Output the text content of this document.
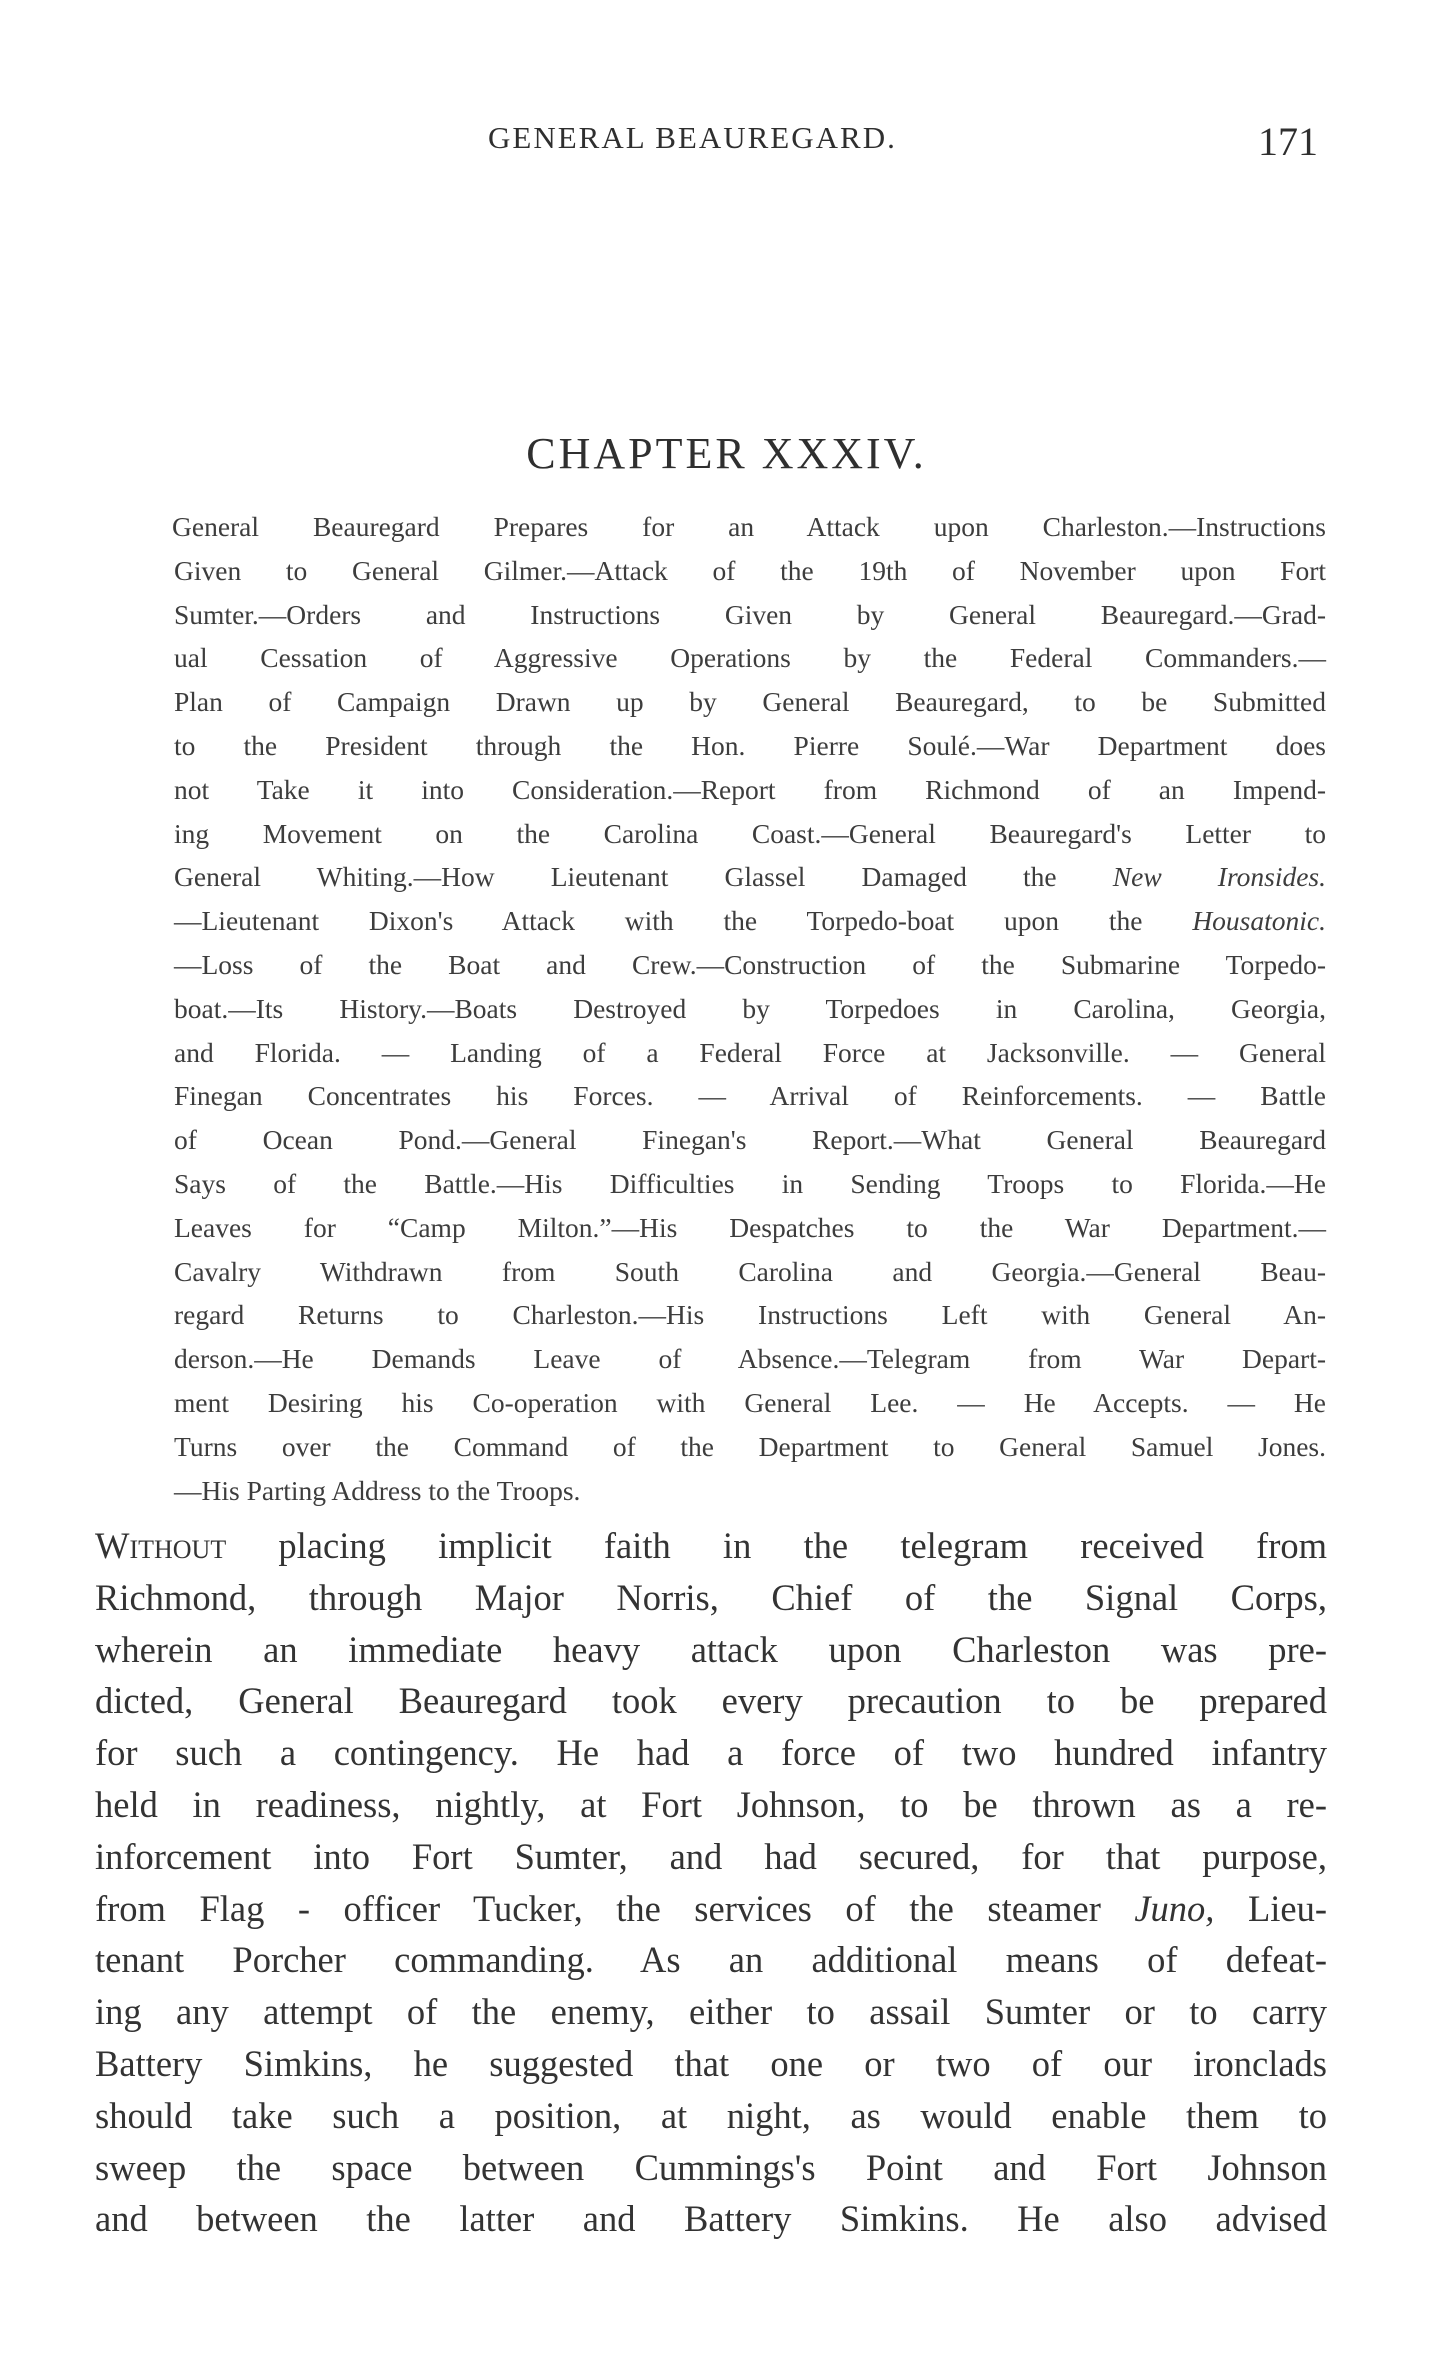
GENERAL BEAUREGARD.	171
CHAPTER XXXIV.
General Beauregard Prepares for an Attack upon Charleston.—Instructions
Given to General Gilmer.—Attack of the 19th of November upon Fort
Sumter.—Orders and Instructions Given by General Beauregard.—Grad-
ual Cessation of Aggressive Operations by the Federal Commanders.—
Plan of Campaign Drawn up by General Beauregard, to be Submitted
to the President through the Hon. Pierre Soulé.—War Department does
not Take it into Consideration.—Report from Richmond of an Impend-
ing Movement on the Carolina Coast.—General Beauregard's Letter to
General Whiting.—How Lieutenant Glassel Damaged the New Ironsides.
—Lieutenant Dixon's Attack with the Torpedo-boat upon the Housatonic.
—Loss of the Boat and Crew.—Construction of the Submarine Torpedo-
boat.—Its History.—Boats Destroyed by Torpedoes in Carolina, Georgia,
and Florida. — Landing of a Federal Force at Jacksonville. — General
Finegan Concentrates his Forces. — Arrival of Reinforcements. — Battle
of Ocean Pond.—General Finegan's Report.—What General Beauregard
Says of the Battle.—His Difficulties in Sending Troops to Florida.—He
Leaves for “Camp Milton.”—His Despatches to the War Department.—
Cavalry Withdrawn from South Carolina and Georgia.—General Beau-
regard Returns to Charleston.—His Instructions Left with General An-
derson.—He Demands Leave of Absence.—Telegram from War Depart-
ment Desiring his Co-operation with General Lee. — He Accepts. — He
Turns over the Command of the Department to General Samuel Jones.
—His Parting Address to the Troops.
Without placing implicit faith in the telegram received from
Richmond, through Major Norris, Chief of the Signal Corps,
wherein an immediate heavy attack upon Charleston was pre-
dicted, General Beauregard took every precaution to be prepared
for such a contingency. He had a force of two hundred infantry
held in readiness, nightly, at Fort Johnson, to be thrown as a re-
inforcement into Fort Sumter, and had secured, for that purpose,
from Flag - officer Tucker, the services of the steamer Juno, Lieu-
tenant Porcher commanding. As an additional means of defeat-
ing any attempt of the enemy, either to assail Sumter or to carry
Battery Simkins, he suggested that one or two of our ironclads
should take such a position, at night, as would enable them to
sweep the space between Cummings's Point and Fort Johnson
and between the latter and Battery Simkins. He also advised
